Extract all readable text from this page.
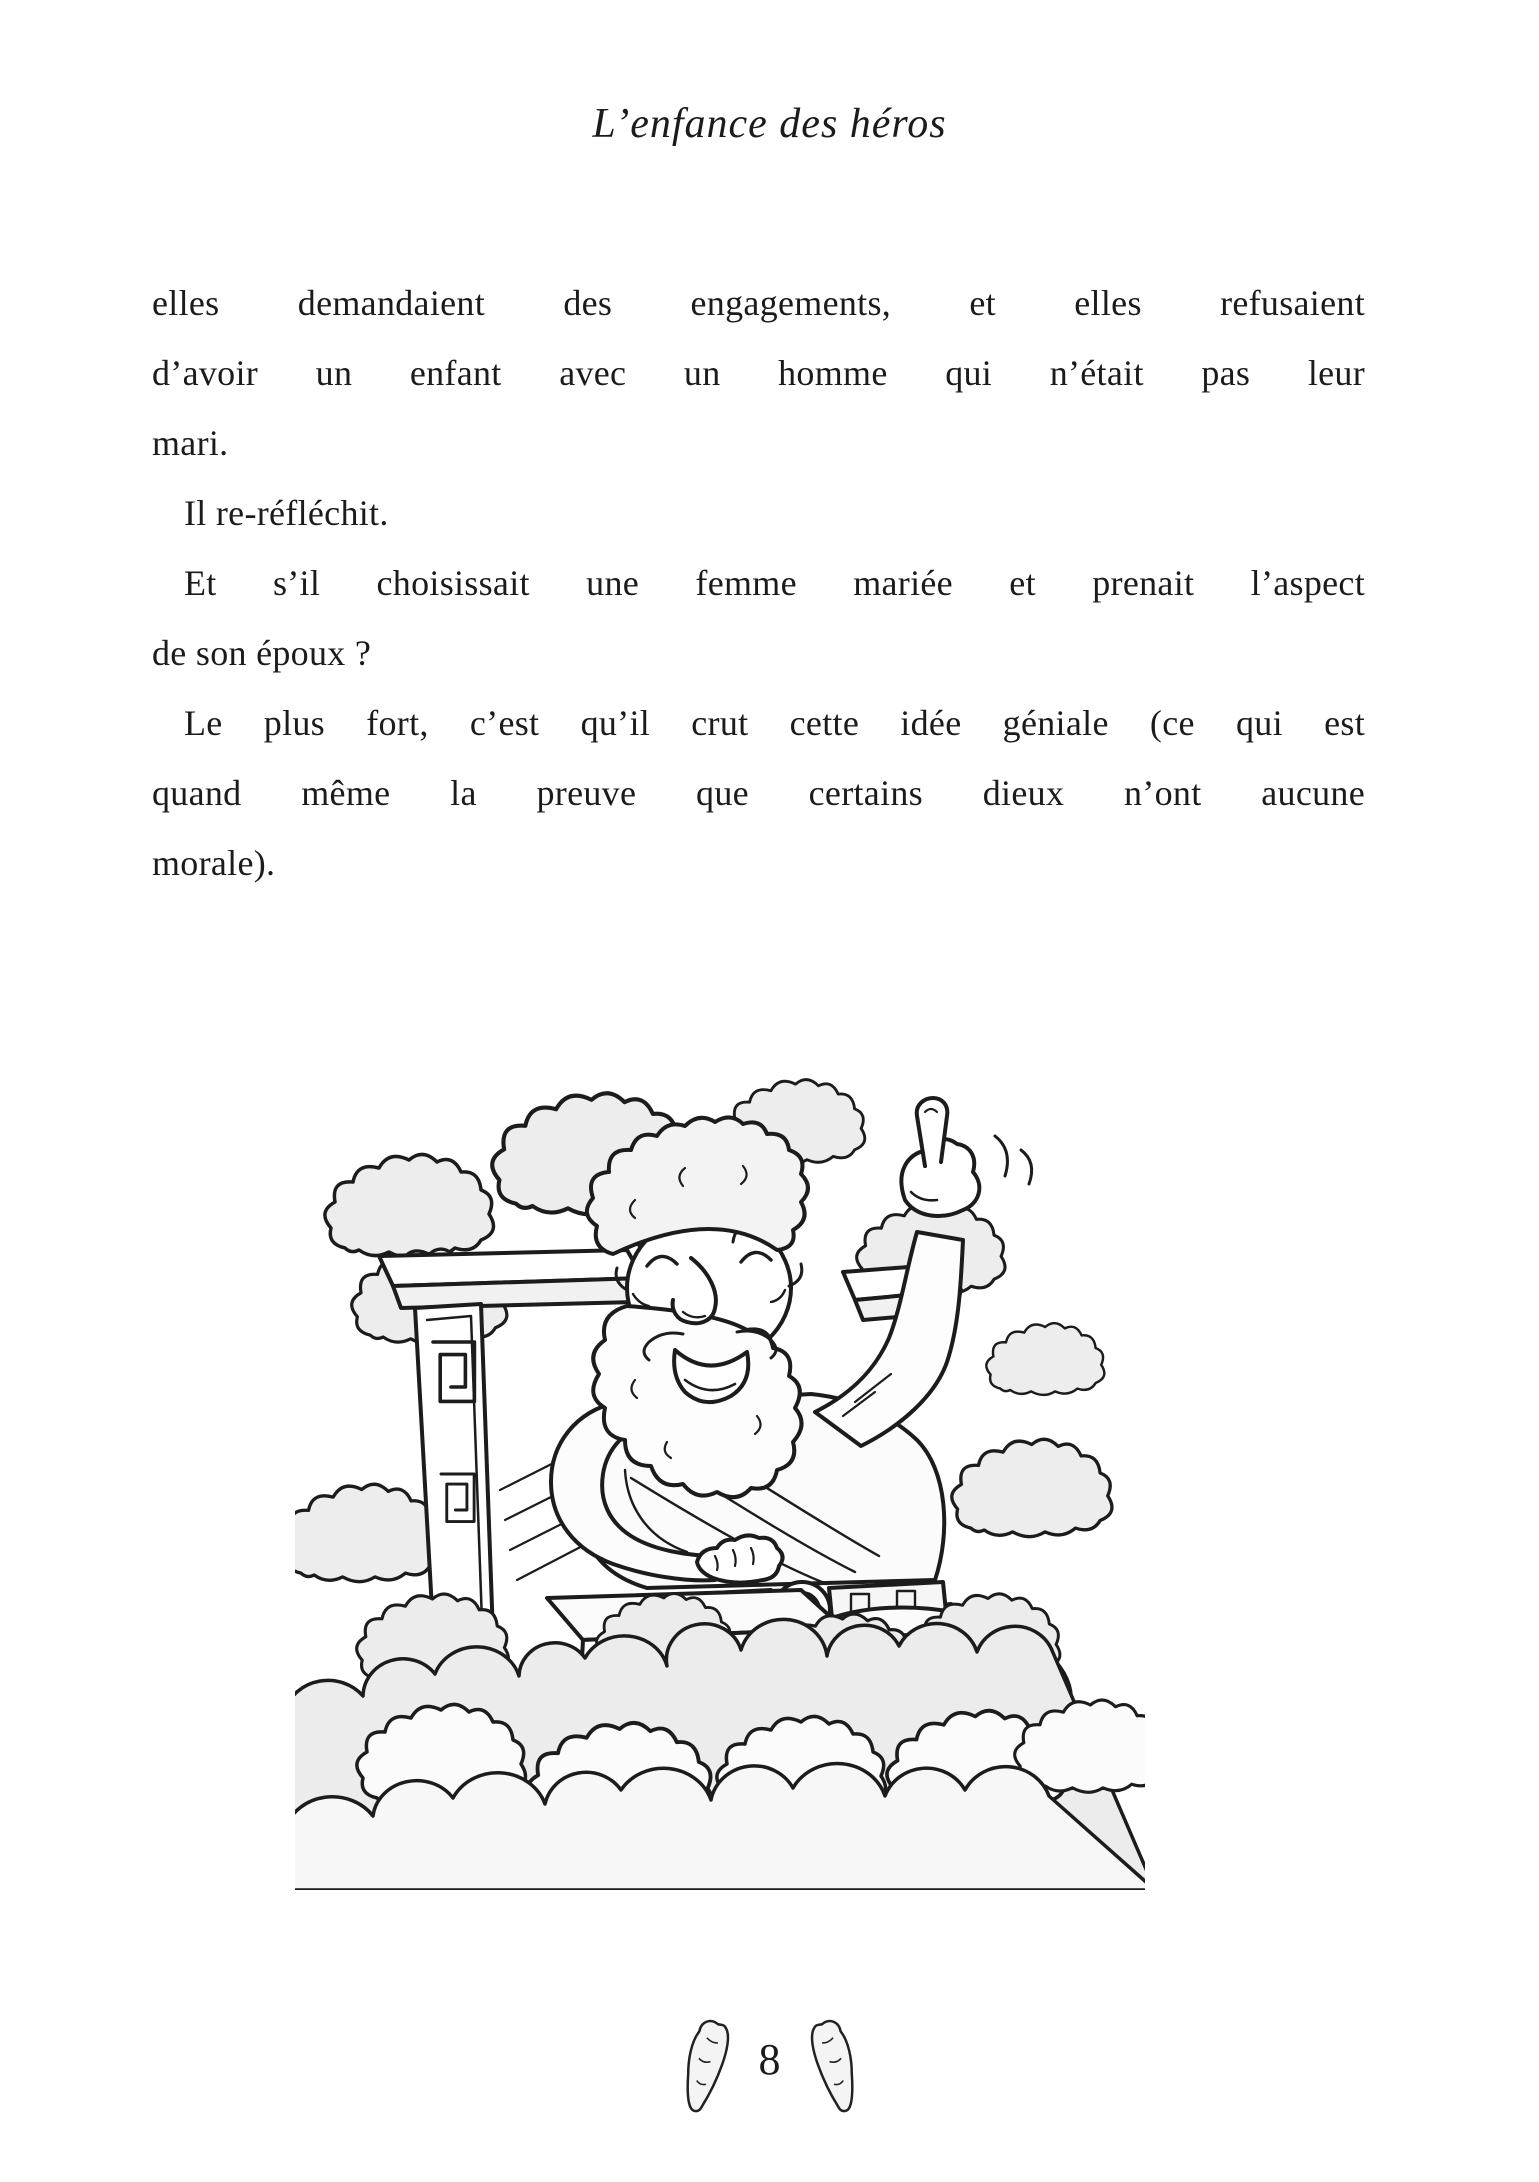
L’enfance des héros
elles demandaient des engagements, et elles refusaient
d’avoir un enfant avec un homme qui n’était pas leur
mari.
Il re-réfléchit.
Et s’il choisissait une femme mariée et prenait l’aspect
de son époux ?
Le plus fort, c’est qu’il crut cette idée géniale (ce qui est
quand même la preuve que certains dieux n’ont aucune
morale).
8
